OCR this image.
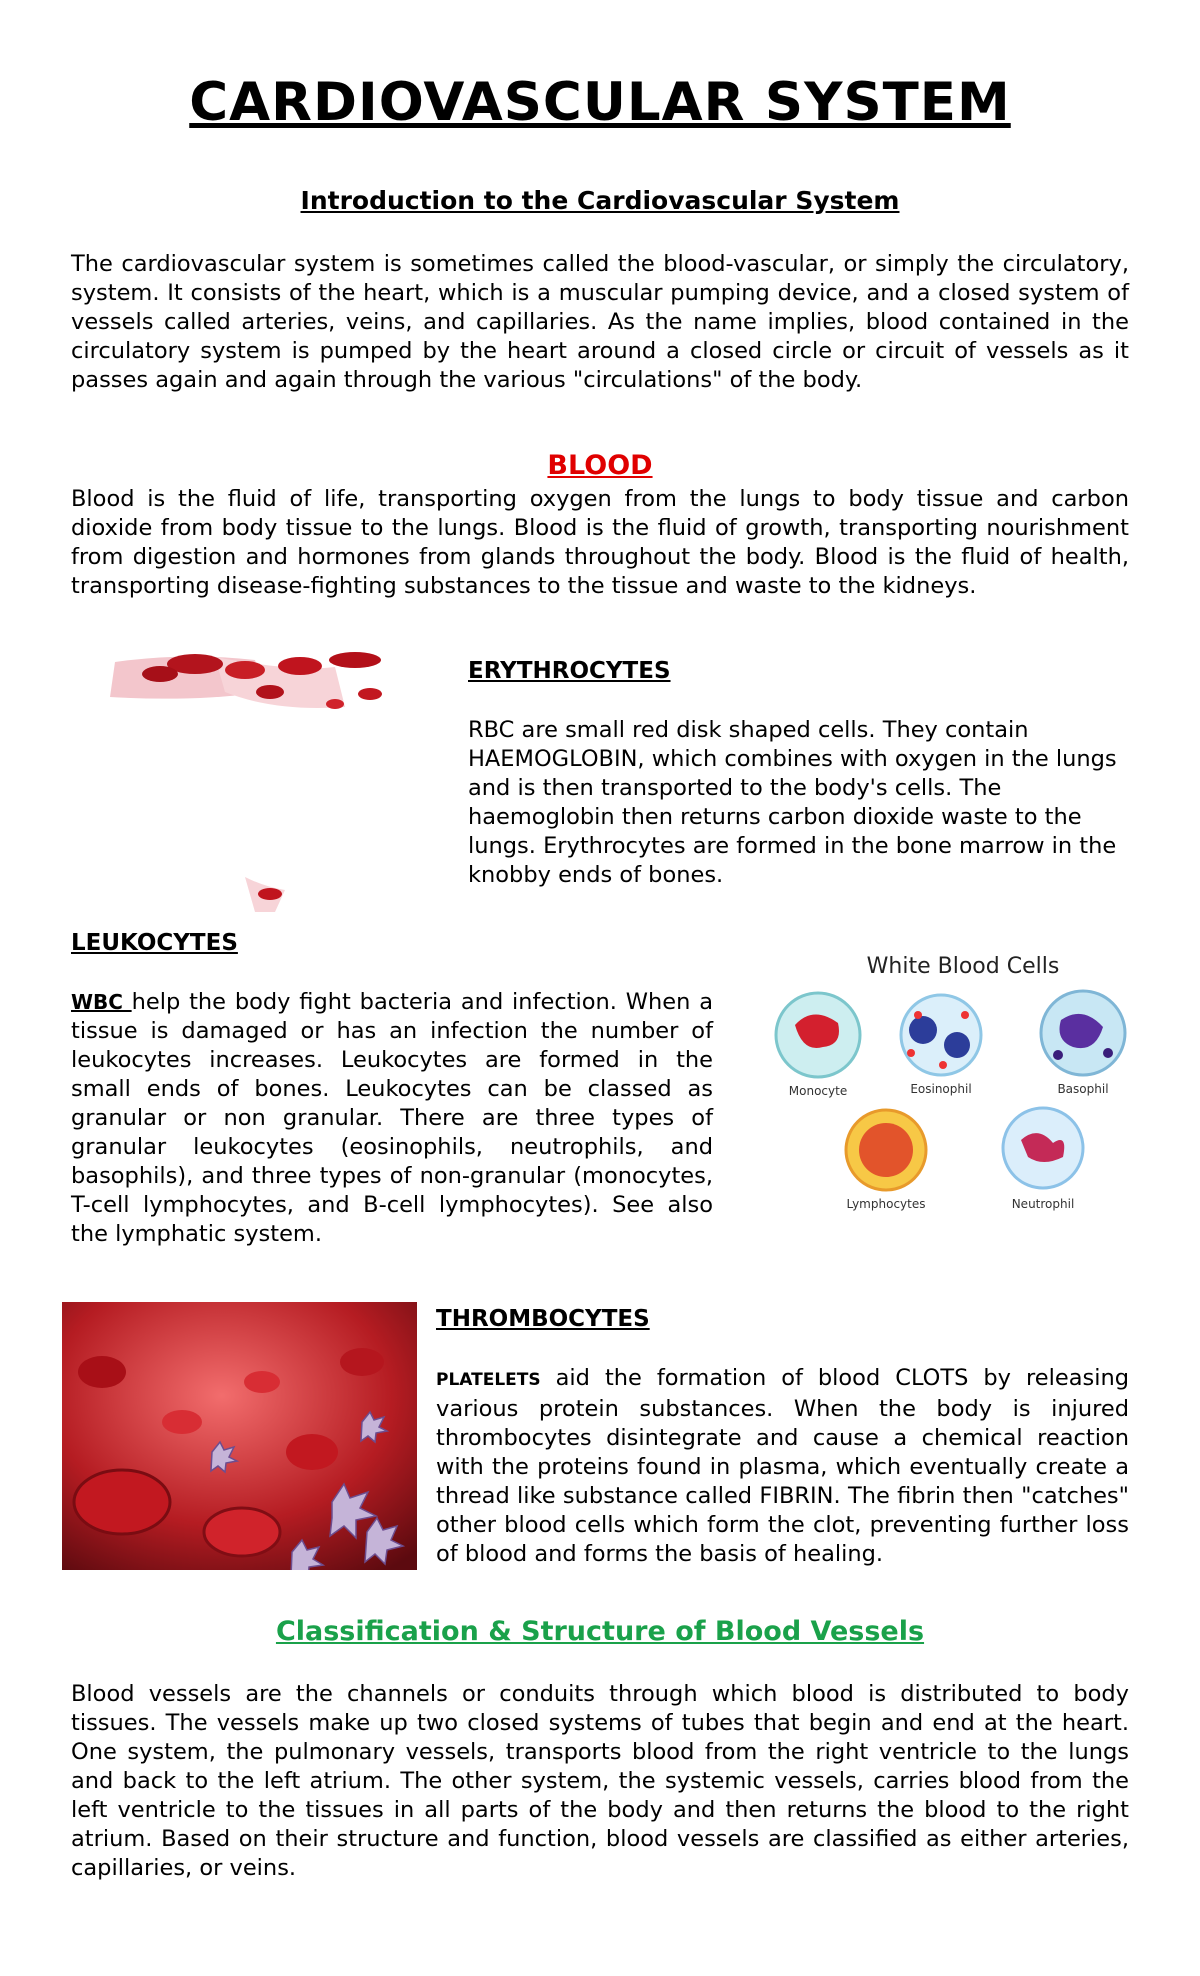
CARDIOVASCULAR SYSTEM
Introduction to the Cardiovascular System

The cardiovascular system is sometimes called the blood-vascular, or simply the circulatory, system. It consists of the heart, which is a muscular pumping device, and a closed system of vessels called arteries, veins, and capillaries. As the name implies, blood contained in the circulatory system is pumped by the heart around a closed circle or circuit of vessels as it passes again and again through the various "circulations" of the body.

BLOOD

Blood is the fluid of life, transporting oxygen from the lungs to body tissue and carbon dioxide from body tissue to the lungs. Blood is the fluid of growth, transporting nourishment from digestion and hormones from glands throughout the body. Blood is the fluid of health, transporting disease-fighting substances to the tissue and waste to the kidneys.

ERYTHROCYTES

RBC are small red disk shaped cells. They contain HAEMOGLOBIN, which combines with oxygen in the lungs and is then transported to the body's cells. The haemoglobin then returns carbon dioxide waste to the lungs. Erythrocytes are formed in the bone marrow in the knobby ends of bones.

LEUKOCYTES

WBC help the body fight bacteria and infection. When a tissue is damaged or has an infection the number of leukocytes increases. Leukocytes are formed in the small ends of bones. Leukocytes can be classed as granular or non granular. There are three types of granular leukocytes (eosinophils, neutrophils, and basophils), and three types of non-granular (monocytes, T-cell lymphocytes, and B-cell lymphocytes). See also the lymphatic system.

White Blood Cells
Monocyte	Eosinophil	Basophil
Lymphocytes	Neutrophil
THROMBOCYTES

PLATELETS aid the formation of blood CLOTS by releasing various protein substances. When the body is injured thrombocytes disintegrate and cause a chemical reaction with the proteins found in plasma, which eventually create a thread like substance called FIBRIN. The fibrin then "catches" other blood cells which form the clot, preventing further loss of blood and forms the basis of healing.

Classification & Structure of Blood Vessels

Blood vessels are the channels or conduits through which blood is distributed to body tissues. The vessels make up two closed systems of tubes that begin and end at the heart. One system, the pulmonary vessels, transports blood from the right ventricle to the lungs and back to the left atrium. The other system, the systemic vessels, carries blood from the left ventricle to the tissues in all parts of the body and then returns the blood to the right atrium. Based on their structure and function, blood vessels are classified as either arteries, capillaries, or veins.
